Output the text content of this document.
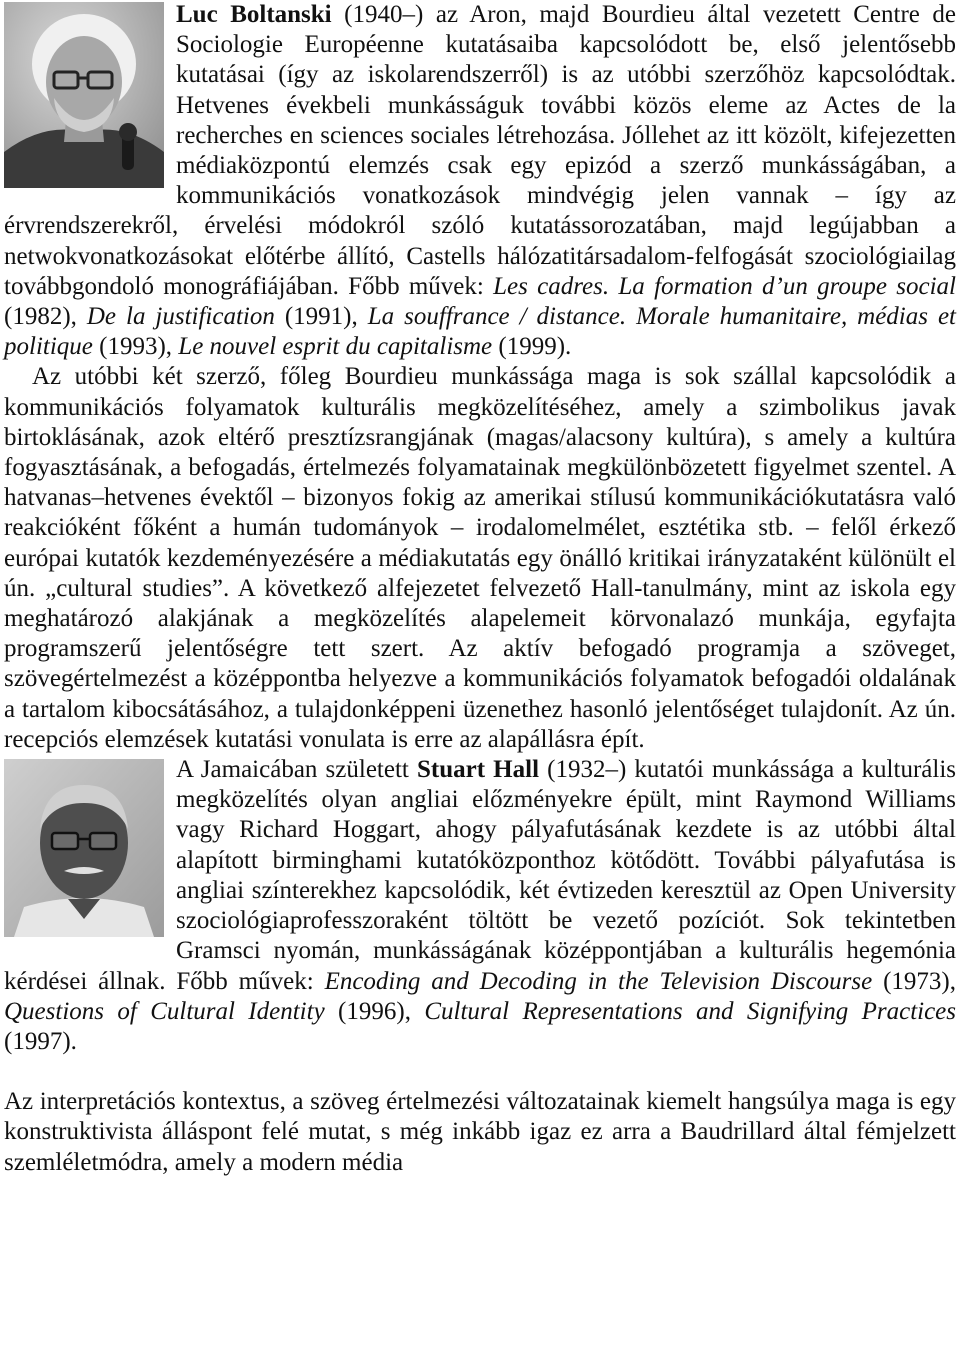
Luc Boltanski (1940–) az Aron, majd Bourdieu által vezetett Centre de Sociologie Européenne kutatásaiba kapcsolódott be, első jelentősebb kutatásai (így az iskolarendszerről) is az utóbbi szerzőhöz kapcsolódtak. Hetvenes évekbeli munkásságuk további közös eleme az Actes de la recherches en sciences sociales létrehozása. Jóllehet az itt közölt, kifejezetten médiaközpontú elemzés csak egy epizód a szerző munkásságában, a kommunikációs vonatkozások mindvégig jelen vannak – így az érvrendszerekről, érvelési módokról szóló kutatássorozatában, majd legújabban a netwokvonatkozásokat előtérbe állító, Castells hálózatitársadalom-felfogását szociológiailag továbbgondoló monográfiájában. Főbb művek: Les cadres. La formation d’un groupe social (1982), De la justification (1991), La souffrance / distance. Morale humanitaire, médias et politique (1993), Le nouvel esprit du capitalisme (1999).

Az utóbbi két szerző, főleg Bourdieu munkássága maga is sok szállal kapcsolódik a kommunikációs folyamatok kulturális megközelítéséhez, amely a szimbolikus javak birtoklásának, azok eltérő presztízsrangjának (magas/alacsony kultúra), s amely a kultúra fogyasztásának, a befogadás, értelmezés folyamatainak megkülönbözetett figyelmet szentel. A hatvanas–hetvenes évektől – bizonyos fokig az amerikai stílusú kommunikációkutatásra való reakcióként főként a humán tudományok – irodalomelmélet, esztétika stb. – felől érkező európai kutatók kezdeményezésére a médiakutatás egy önálló kritikai irányzataként különült el ún. „cultural studies”. A következő alfejezetet felvezető Hall-tanulmány, mint az iskola egy meghatározó alakjának a megközelítés alapelemeit körvonalazó munkája, egyfajta programszerű jelentőségre tett szert. Az aktív befogadó programja a szöveget, szövegértelmezést a középpontba helyezve a kommunikációs folyamatok befogadói oldalának a tartalom kibocsátásához, a tulajdonképpeni üzenethez hasonló jelentőséget tulajdonít. Az ún. recepciós elemzések kutatási vonulata is erre az alapállásra épít.

A Jamaicában született Stuart Hall (1932–) kutatói munkássága a kulturális megközelítés olyan angliai előzményekre épült, mint Raymond Williams vagy Richard Hoggart, ahogy pályafutásának kezdete is az utóbbi által alapított birminghami kutatóközponthoz kötődött. További pályafutása is angliai színterekhez kapcsolódik, két évtizeden keresztül az Open University szociológiaprofesszoraként töltött be vezető pozíciót. Sok tekintetben Gramsci nyomán, munkásságának középpontjában a kulturális hegemónia kérdései állnak. Főbb művek: Encoding and Decoding in the Television Discourse (1973), Questions of Cultural Identity (1996), Cultural Representations and Signifying Practices (1997).

Az interpretációs kontextus, a szöveg értelmezési változatainak kiemelt hangsúlya maga is egy konstruktivista álláspont felé mutat, s még inkább igaz ez arra a Baudrillard által fémjelzett szemléletmódra, amely a modern média
